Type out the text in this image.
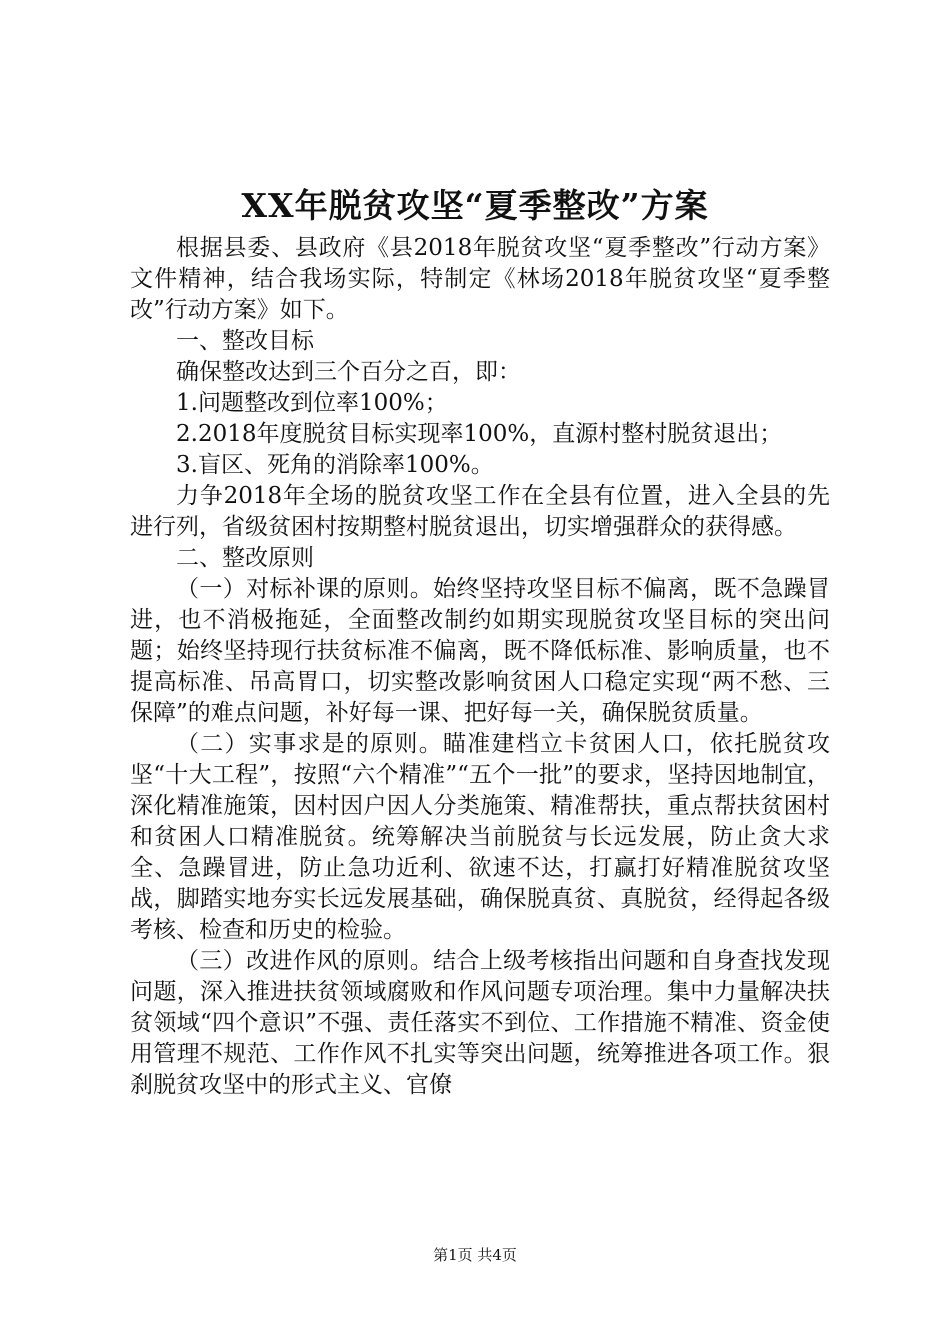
XX年脱贫攻坚“夏季整改”方案

根据县委、县政府《县2018年脱贫攻坚“夏季整改”行动方案》文件精神，结合我场实际，特制定《林场2018年脱贫攻坚“夏季整改”行动方案》如下。

一、整改目标

确保整改达到三个百分之百，即：

1.问题整改到位率100%；

2.2018年度脱贫目标实现率100%，直源村整村脱贫退出；

3.盲区、死角的消除率100%。

力争2018年全场的脱贫攻坚工作在全县有位置，进入全县的先进行列，省级贫困村按期整村脱贫退出，切实增强群众的获得感。

二、整改原则

（一）对标补课的原则。始终坚持攻坚目标不偏离，既不急躁冒进，也不消极拖延，全面整改制约如期实现脱贫攻坚目标的突出问题；始终坚持现行扶贫标准不偏离，既不降低标准、影响质量，也不提高标准、吊高胃口，切实整改影响贫困人口稳定实现“两不愁、三保障”的难点问题，补好每一课、把好每一关，确保脱贫质量。

（二）实事求是的原则。瞄准建档立卡贫困人口，依托脱贫攻坚“十大工程”，按照“六个精准”“五个一批”的要求，坚持因地制宜，深化精准施策，因村因户因人分类施策、精准帮扶，重点帮扶贫困村和贫困人口精准脱贫。统筹解决当前脱贫与长远发展，防止贪大求全、急躁冒进，防止急功近利、欲速不达，打赢打好精准脱贫攻坚战，脚踏实地夯实长远发展基础，确保脱真贫、真脱贫，经得起各级考核、检查和历史的检验。

（三）改进作风的原则。结合上级考核指出问题和自身查找发现问题，深入推进扶贫领域腐败和作风问题专项治理。集中力量解决扶贫领域“四个意识”不强、责任落实不到位、工作措施不精准、资金使用管理不规范、工作作风不扎实等突出问题，统筹推进各项工作。狠刹脱贫攻坚中的形式主义、官僚

第1页 共4页
